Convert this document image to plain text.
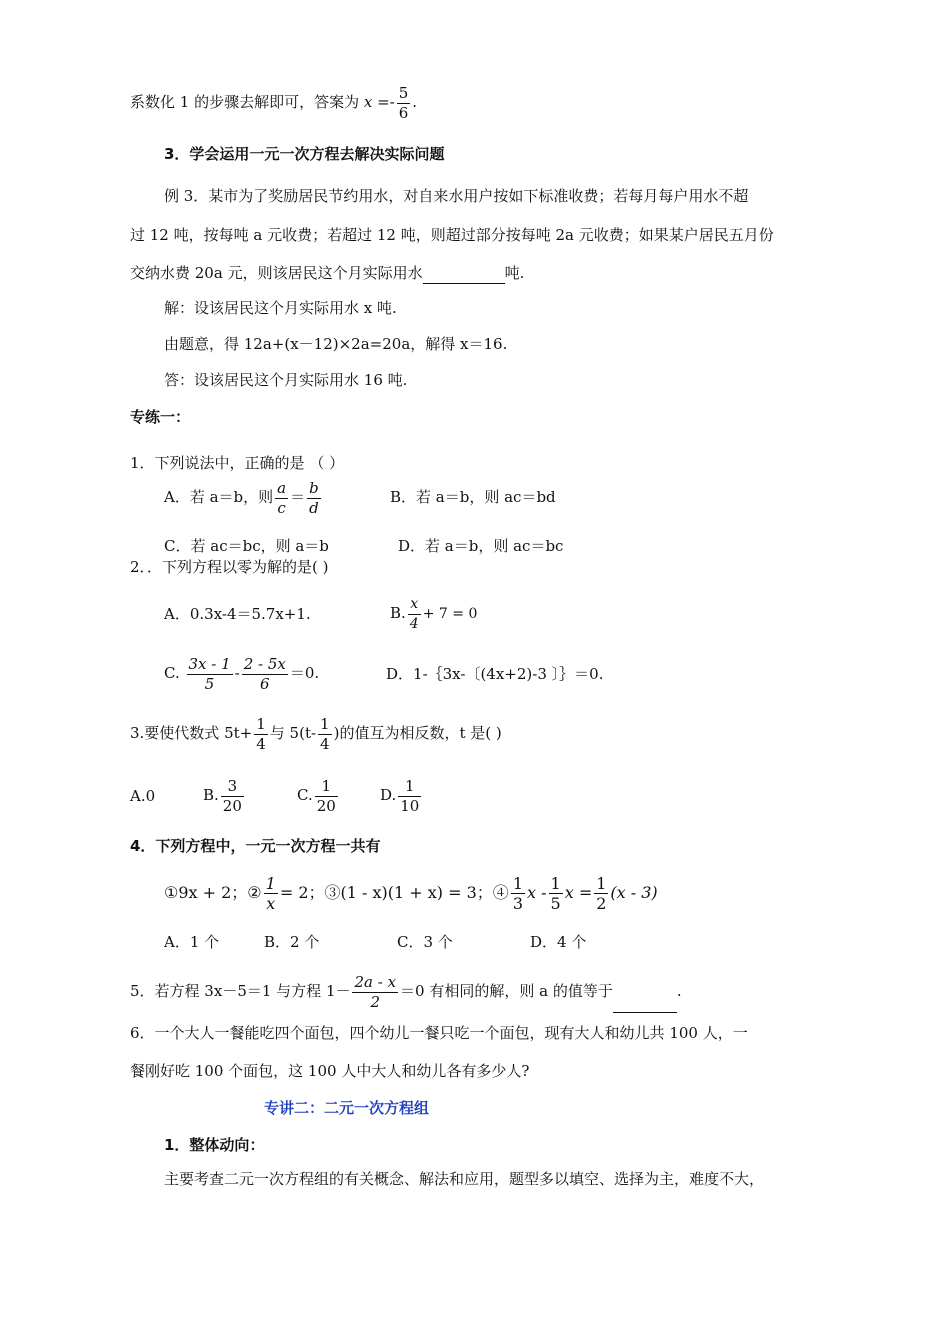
系数化 1 的步骤去解即可，答案为 $x =- \frac{5}{6}$ .
3．学会运用一元一次方程去解决实际问题
例 3．某市为了奖励居民节约用水，对自来水用户按如下标准收费；若每月每户用水不超
过 12 吨，按每吨 a 元收费；若超过 12 吨，则超过部分按每吨 2a 元收费；如果某户居民五月份
交纳水费 20a 元，则该居民这个月实际用水	吨.
解：设该居民这个月实际用水 x 吨.
由题意，得 12a+(x－12)×2a=20a，解得 x＝16.
答：设该居民这个月实际用水 16 吨.
专练一：
1．下列说法中，正确的是 （ ）
A．若 a＝b，则 $\frac{a}{c} = \frac{b}{d}$	B．若 a＝b，则 ac＝bd
C．若 ac＝bc，则 a＝b	D．若 a＝b，则 ac＝bc
2．．下列方程以零为解的是( )
A．0.3x-4＝5.7x+1.	B. $\frac{x}{4} + 7 = 0$
C. $\frac{3x - 1}{5} - \frac{2 - 5x}{6} =0$.	D．1-｛3x-〔(4x+2)-3 〕｝＝0.
3.要使代数式 $5t+ \frac{1}{4}$ 与 $5(t- \frac{1}{4}$ )的值互为相反数，t 是( )
A.0	B. $\frac{3}{20}$	C. $\frac{1}{20}$	D. $\frac{1}{10}$
4．下列方程中，一元一次方程一共有
①9x + 2；② $\frac{1}{x} = 2$；③(1 - x)(1 + x) = 3；④ $\frac{1}{3}$ x - $\frac{1}{5}$ $x = \frac{1}{2} (x - 3)$
A．1 个	B．2 个	C．3 个	D．4 个
5．若方程 3x－5＝1 与方程 $1- \frac{2a - x}{2} =0$ 有相同的解，则 a 的值等于	.
6．一个大人一餐能吃四个面包，四个幼儿一餐只吃一个面包，现有大人和幼儿共 100 人，一
餐刚好吃 100 个面包，这 100 人中大人和幼儿各有多少人?
专讲二：二元一次方程组
1．整体动向：
主要考查二元一次方程组的有关概念、解法和应用，题型多以填空、选择为主，难度不大，
